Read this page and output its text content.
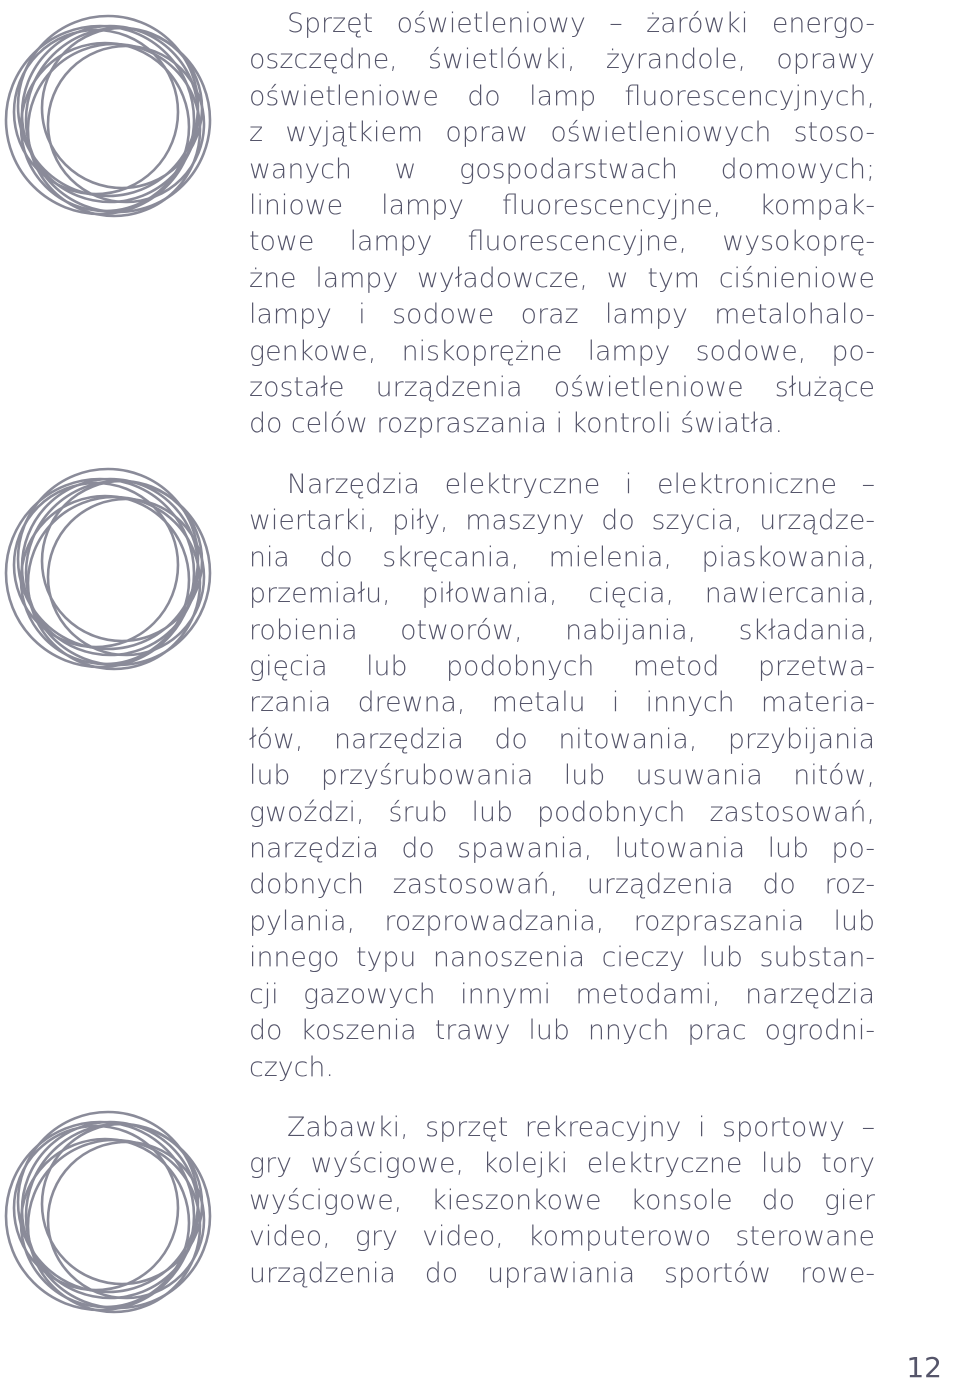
Sprzęt oświetleniowy – żarówki energo-
oszczędne, świetlówki, żyrandole, oprawy
oświetleniowe do lamp fluorescencyjnych,
z wyjątkiem opraw oświetleniowych stoso-
wanych w gospodarstwach domowych;
liniowe lampy fluorescencyjne, kompak-
towe lampy fluorescencyjne, wysokoprę-
żne lampy wyładowcze, w tym ciśnieniowe
lampy i sodowe oraz lampy metalohalo-
genkowe, niskoprężne lampy sodowe, po-
zostałe urządzenia oświetleniowe służące
do celów rozpraszania i kontroli światła.

Narzędzia elektryczne i elektroniczne –
wiertarki, piły, maszyny do szycia, urządze-
nia do skręcania, mielenia, piaskowania,
przemiału, piłowania, cięcia, nawiercania,
robienia otworów, nabijania, składania,
gięcia lub podobnych metod przetwa-
rzania drewna, metalu i innych materia-
łów, narzędzia do nitowania, przybijania
lub przyśrubowania lub usuwania nitów,
gwoździ, śrub lub podobnych zastosowań,
narzędzia do spawania, lutowania lub po-
dobnych zastosowań, urządzenia do roz-
pylania, rozprowadzania, rozpraszania lub
innego typu nanoszenia cieczy lub substan-
cji gazowych innymi metodami, narzędzia
do koszenia trawy lub nnych prac ogrodni-
czych.

Zabawki, sprzęt rekreacyjny i sportowy –
gry wyścigowe, kolejki elektryczne lub tory
wyścigowe, kieszonkowe konsole do gier
video, gry video, komputerowo sterowane
urządzenia do uprawiania sportów rowe-

12
